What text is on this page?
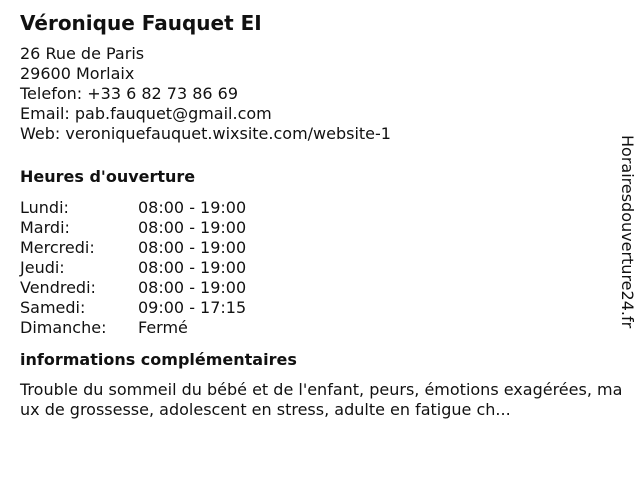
Véronique Fauquet EI
26 Rue de Paris
29600 Morlaix
Telefon: +33 6 82 73 86 69
Email: pab.fauquet@gmail.com
Web: veroniquefauquet.wixsite.com/website-1
Heures d'ouverture
Lundi:	08:00 - 19:00
Mardi:	08:00 - 19:00
Mercredi:	08:00 - 19:00
Jeudi:	08:00 - 19:00
Vendredi:	08:00 - 19:00
Samedi:	09:00 - 17:15
Dimanche:	Fermé
informations complémentaires
Trouble du sommeil du bébé et de l'enfant, peurs, émotions exagérées, maux de grossesse, adolescent en stress, adulte en fatigue ch...
Horairesdouverture24.fr
